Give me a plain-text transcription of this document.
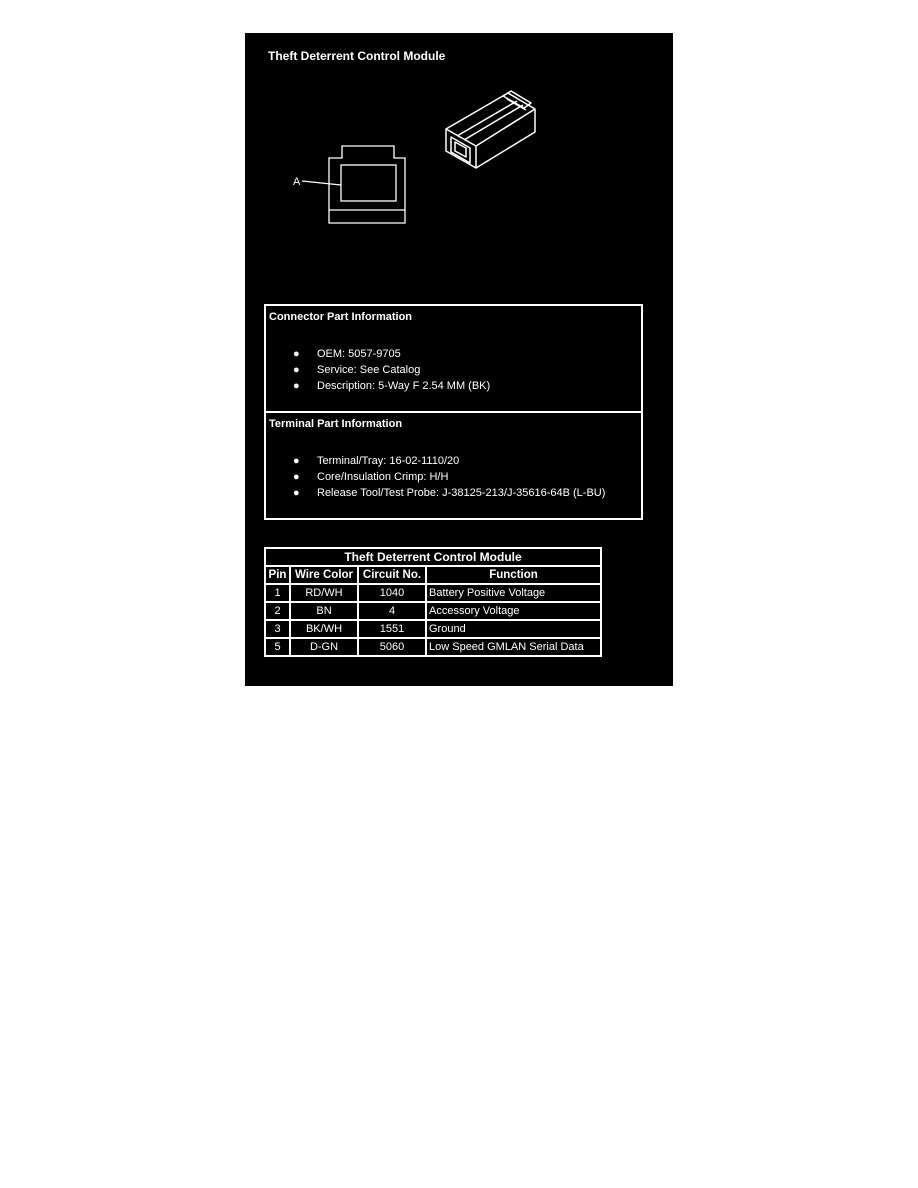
Theft Deterrent Control Module
A
Connector Part Information
● OEM: 5057-9705
● Service: See Catalog
● Description: 5-Way F 2.54 MM (BK)
Terminal Part Information
● Terminal/Tray: 16-02-1110/20
● Core/Insulation Crimp: H/H
● Release Tool/Test Probe: J-38125-213/J-35616-64B (L-BU)
Theft Deterrent Control Module			
Pin	Wire Color	Circuit No.	Function
1	RD/WH	1040	Battery Positive Voltage
2	BN	4	Accessory Voltage
3	BK/WH	1551	Ground
5	D-GN	5060	Low Speed GMLAN Serial Data
